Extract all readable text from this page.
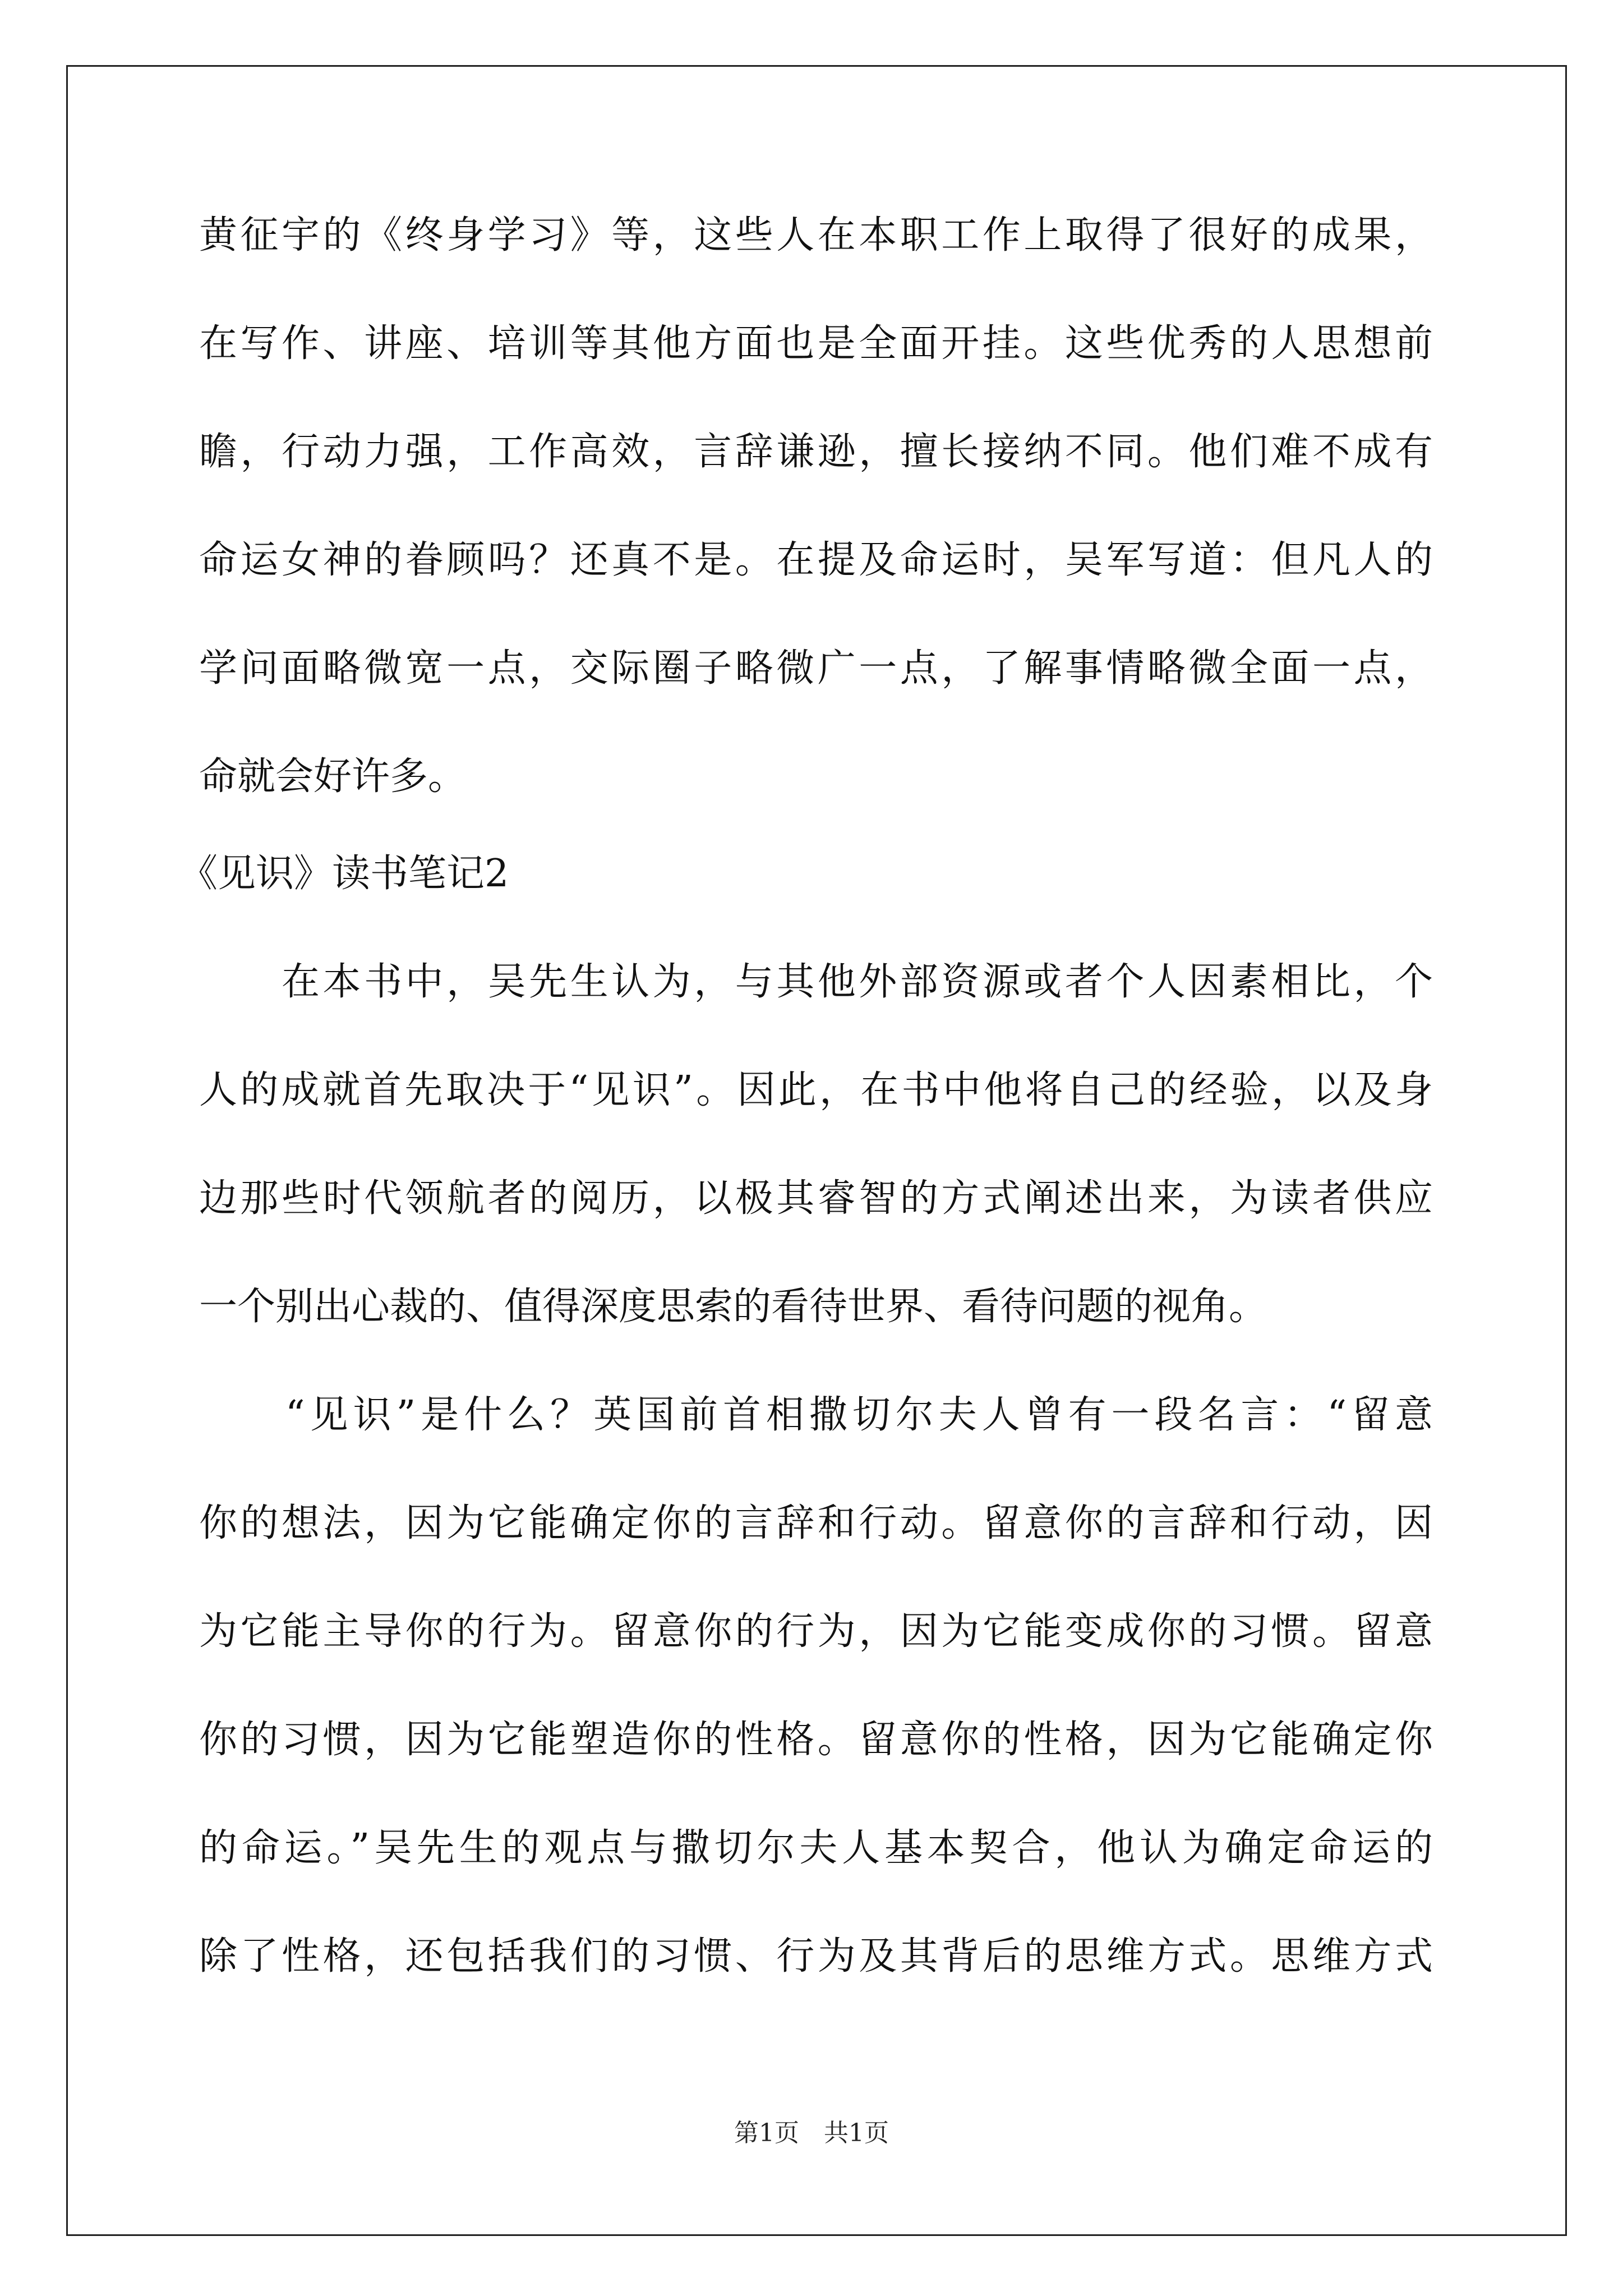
黄征宇的《终身学习》等，这些人在本职工作上取得了很好的成果，
在写作、讲座、培训等其他方面也是全面开挂。这些优秀的人思想前
瞻，行动力强，工作高效，言辞谦逊，擅长接纳不同。他们难不成有
命运女神的眷顾吗？还真不是。在提及命运时，吴军写道：但凡人的
学问面略微宽一点，交际圈子略微广一点，了解事情略微全面一点，
命就会好许多。
《见识》读书笔记2
　　在本书中，吴先生认为，与其他外部资源或者个人因素相比，个
人的成就首先取决于“见识”。因此，在书中他将自己的经验，以及身
边那些时代领航者的阅历，以极其睿智的方式阐述出来，为读者供应
一个别出心裁的、值得深度思索的看待世界、看待问题的视角。
　　“见识”是什么？英国前首相撒切尔夫人曾有一段名言：“留意
你的想法，因为它能确定你的言辞和行动。留意你的言辞和行动，因
为它能主导你的行为。留意你的行为，因为它能变成你的习惯。留意
你的习惯，因为它能塑造你的性格。留意你的性格，因为它能确定你
的命运。”吴先生的观点与撒切尔夫人基本契合，他认为确定命运的
除了性格，还包括我们的习惯、行为及其背后的思维方式。思维方式
第1页　共1页
